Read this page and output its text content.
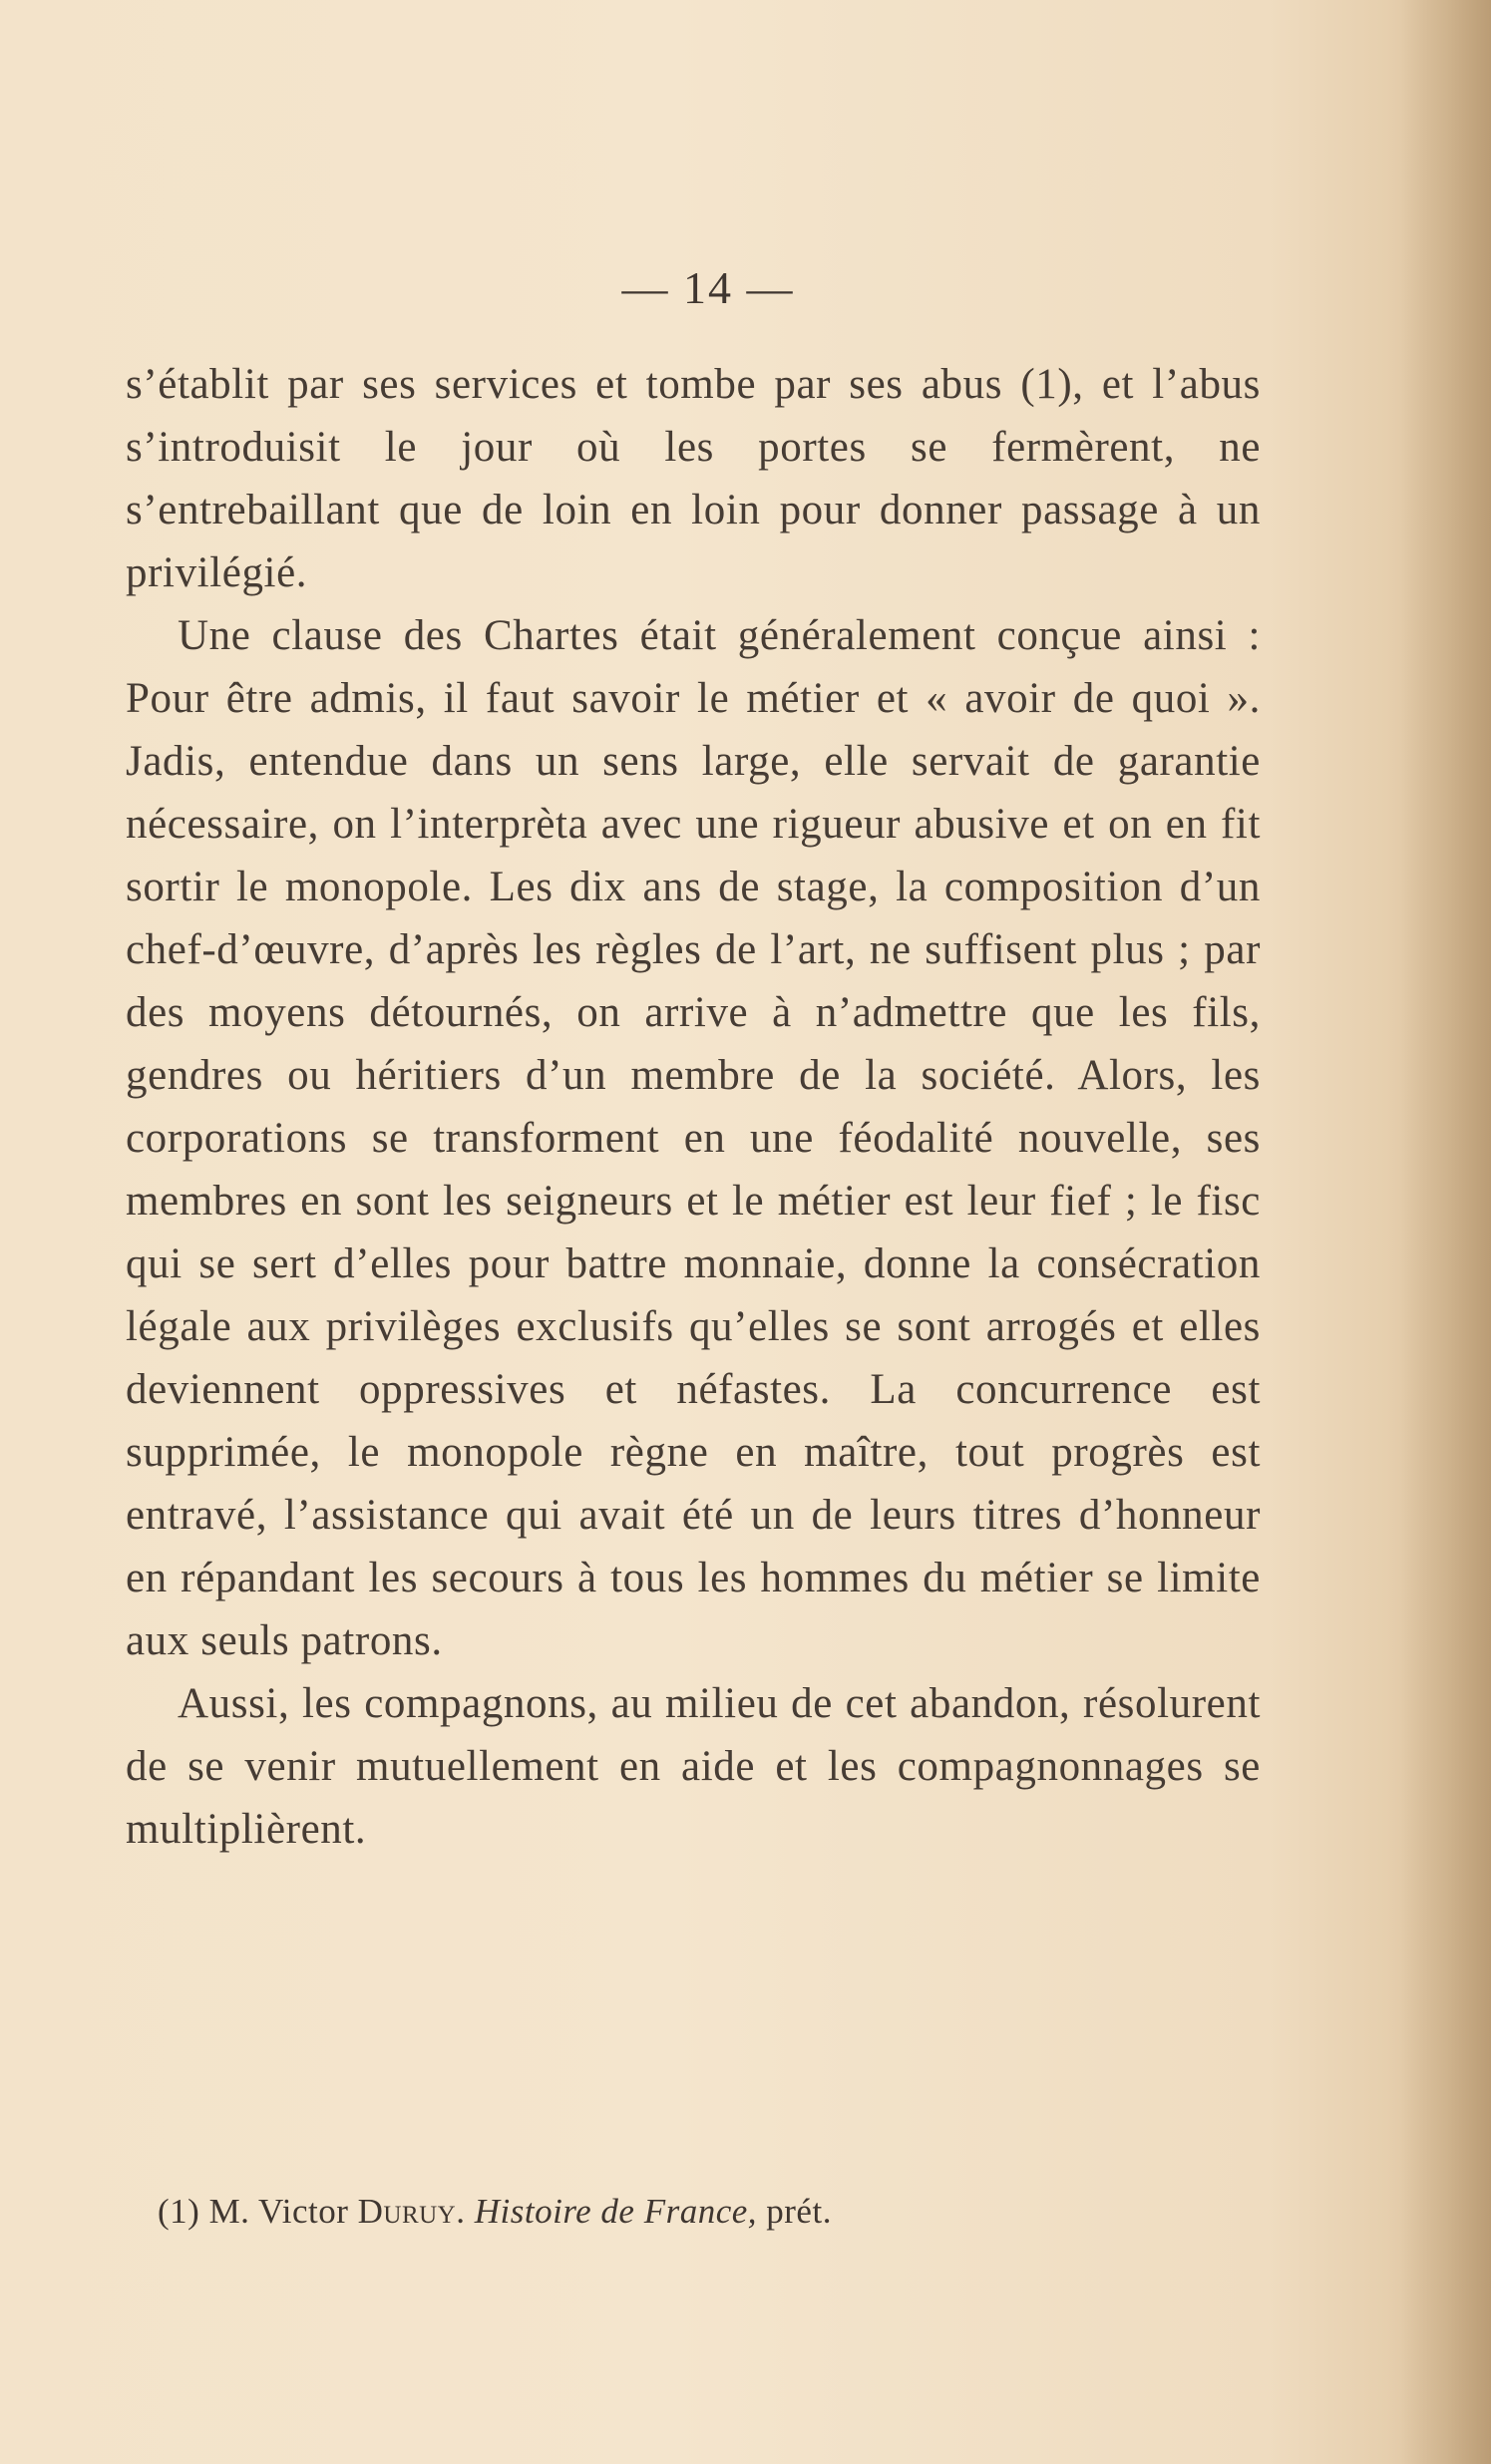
— 14 —

s’établit par ses services et tombe par ses abus (1), et l’abus s’introduisit le jour où les portes se fermèrent, ne s’entrebaillant que de loin en loin pour donner passage à un privilégié.

Une clause des Chartes était généralement conçue ainsi : Pour être admis, il faut savoir le métier et « avoir de quoi ». Jadis, entendue dans un sens large, elle servait de garantie nécessaire, on l’interprèta avec une rigueur abusive et on en fit sortir le monopole. Les dix ans de stage, la composition d’un chef-d’œuvre, d’après les règles de l’art, ne suffisent plus ; par des moyens détournés, on arrive à n’admettre que les fils, gendres ou héritiers d’un membre de la société. Alors, les corporations se transforment en une féodalité nouvelle, ses membres en sont les seigneurs et le métier est leur fief ; le fisc qui se sert d’elles pour battre monnaie, donne la consécration légale aux privilèges exclusifs qu’elles se sont arrogés et elles deviennent oppressives et néfastes. La concurrence est supprimée, le monopole règne en maître, tout progrès est entravé, l’assistance qui avait été un de leurs titres d’honneur en répandant les secours à tous les hommes du métier se limite aux seuls patrons.

Aussi, les compagnons, au milieu de cet abandon, résolurent de se venir mutuellement en aide et les compagnonnages se multiplièrent.

(1) M. Victor Duruy. Histoire de France, prét.
